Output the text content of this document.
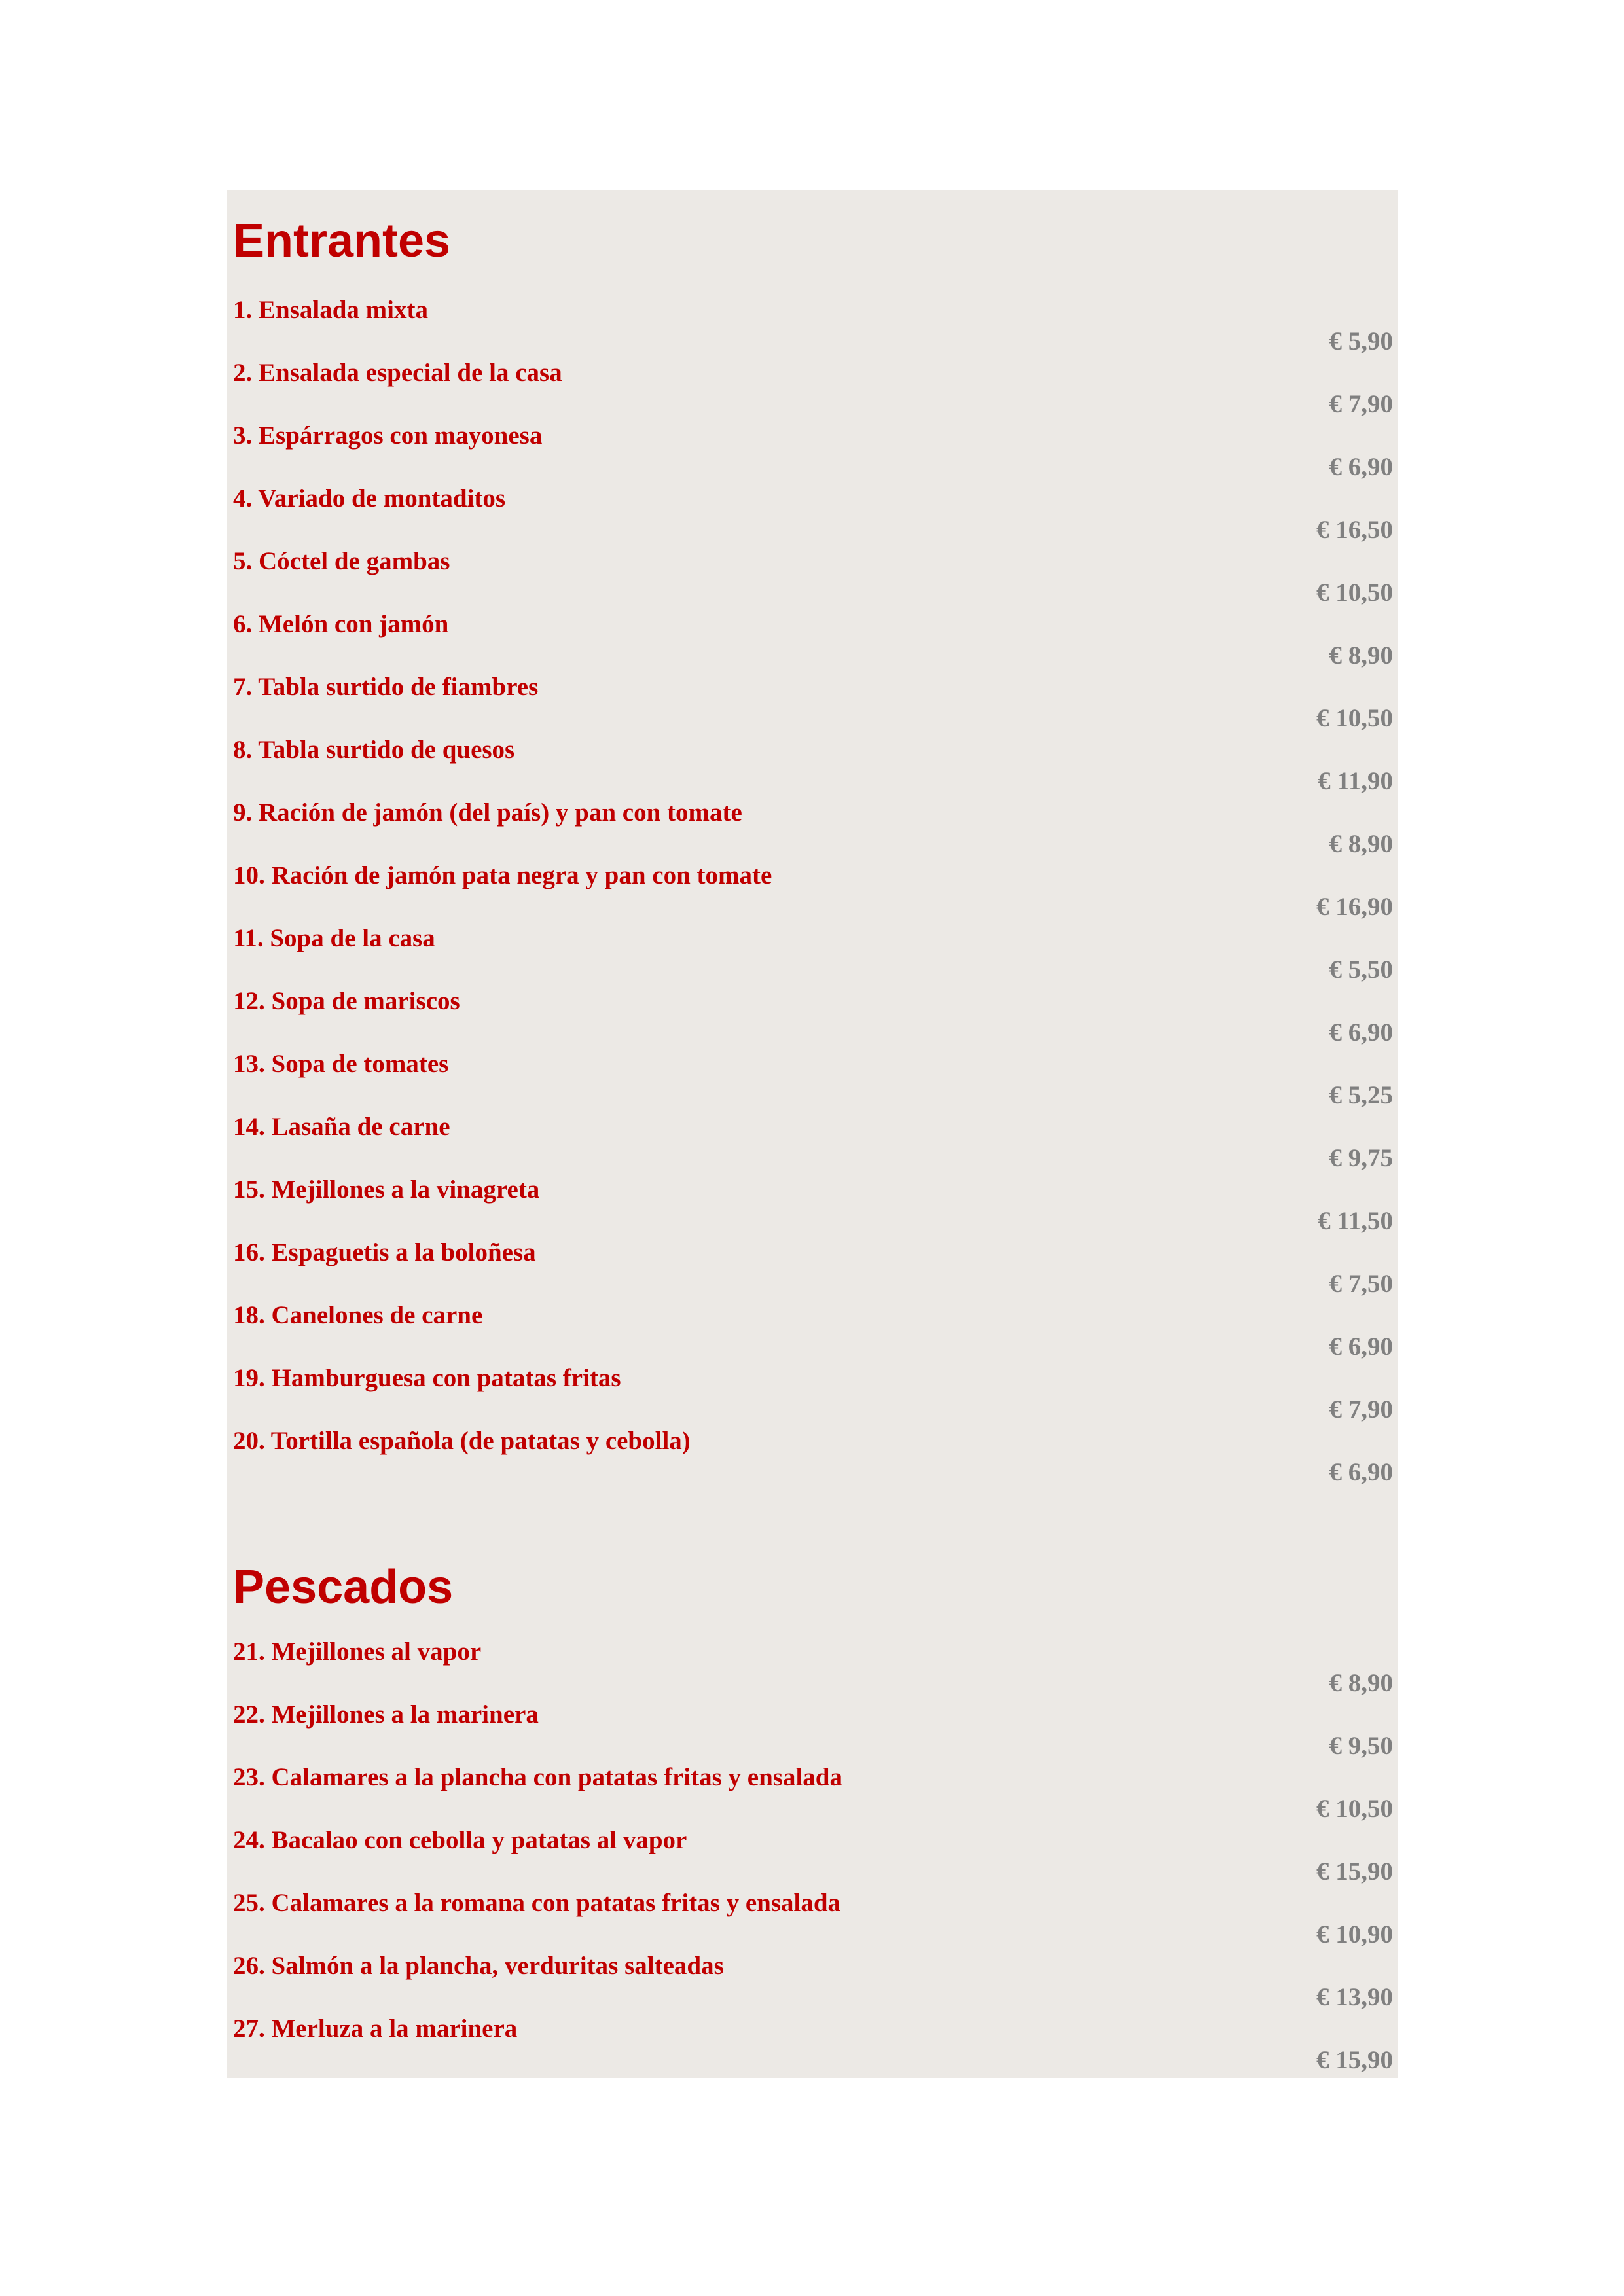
Entrantes
1. Ensalada mixta
€ 5,90
2. Ensalada especial de la casa
€ 7,90
3. Espárragos con mayonesa
€ 6,90
4. Variado de montaditos
€ 16,50
5. Cóctel de gambas
€ 10,50
6. Melón con jamón
€ 8,90
7. Tabla surtido de fiambres
€ 10,50
8. Tabla surtido de quesos
€ 11,90
9. Ración de jamón (del país) y pan con tomate
€ 8,90
10. Ración de jamón pata negra y pan con tomate
€ 16,90
11. Sopa de la casa
€ 5,50
12. Sopa de mariscos
€ 6,90
13. Sopa de tomates
€ 5,25
14. Lasaña de carne
€ 9,75
15. Mejillones a la vinagreta
€ 11,50
16. Espaguetis a la boloñesa
€ 7,50
18. Canelones de carne
€ 6,90
19. Hamburguesa con patatas fritas
€ 7,90
20. Tortilla española (de patatas y cebolla)
€ 6,90
Pescados
21. Mejillones al vapor
€ 8,90
22. Mejillones a la marinera
€ 9,50
23. Calamares a la plancha con patatas fritas y ensalada
€ 10,50
24. Bacalao con cebolla y patatas al vapor
€ 15,90
25. Calamares a la romana con patatas fritas y ensalada
€ 10,90
26. Salmón a la plancha, verduritas salteadas
€ 13,90
27. Merluza a la marinera
€ 15,90
